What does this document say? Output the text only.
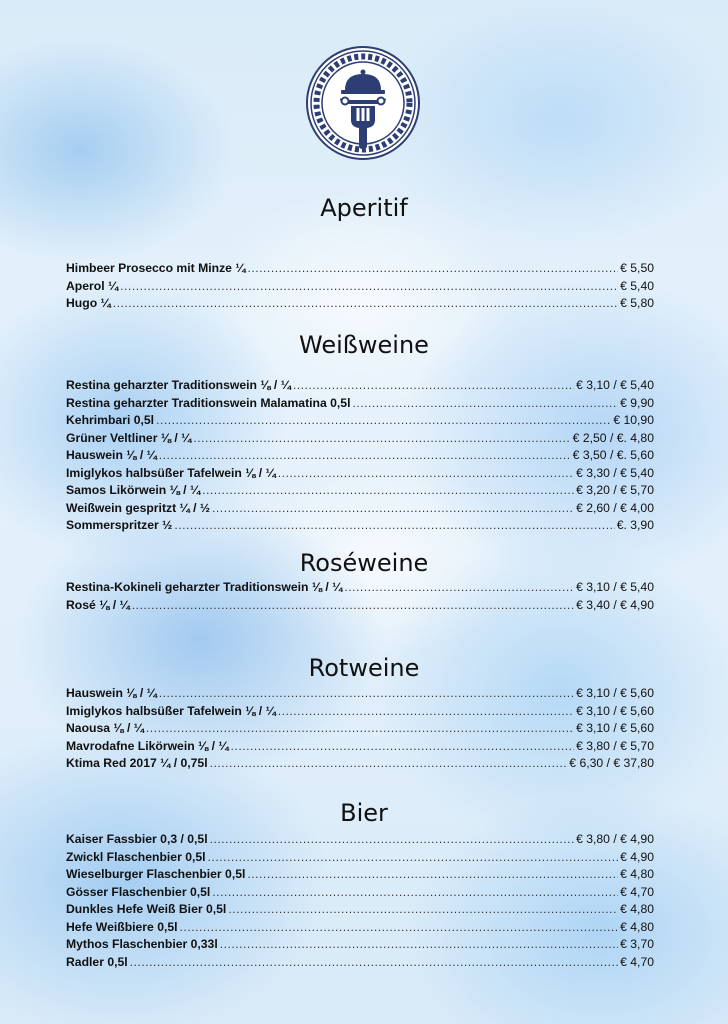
Aperitif
Himbeer Prosecco mit Minze ¼ .....	€ 5,50
Aperol ¼ .....	€ 5,40
Hugo ¼ .....	€ 5,80
Weißweine
Restina geharzter Traditionswein ⅛ / ¼ .....	€ 3,10 / € 5,40
Restina geharzter Traditionswein Malamatina 0,5l .....	€ 9,90
Kehrimbari 0,5l .....	€ 10,90
Grüner Veltliner ⅛ / ¼ .....	€ 2,50 / €. 4,80
Hauswein ⅛ / ¼ .....	€ 3,50 / €. 5,60
Imiglykos halbsüßer Tafelwein ⅛ / ¼ .....	€ 3,30 / € 5,40
Samos Likörwein ⅛ / ¼ .....	€ 3,20 / € 5,70
Weißwein gespritzt ¼ / ½ .....	€ 2,60 / € 4,00
Sommerspritzer ½ .....	€. 3,90
Roséweine
Restina-Kokineli geharzter Traditionswein ⅛ / ¼ .....	€ 3,10 / € 5,40
Rosé ⅛ / ¼ .....	€ 3,40 / € 4,90
Rotweine
Hauswein ⅛ / ¼ .....	€ 3,10 / € 5,60
Imiglykos halbsüßer Tafelwein ⅛ / ¼ .....	€ 3,10 / € 5,60
Naousa ⅛ / ¼ .....	€ 3,10 / € 5,60
Mavrodafne Likörwein ⅛ / ¼ .....	€ 3,80 / € 5,70
Ktima Red 2017 ¼ / 0,75l .....	€ 6,30 / € 37,80
Bier
Kaiser Fassbier 0,3 / 0,5l .....	€ 3,80 / € 4,90
Zwickl Flaschenbier 0,5l .....	€ 4,90
Wieselburger Flaschenbier 0,5l .....	€ 4,80
Gösser Flaschenbier 0,5l .....	€ 4,70
Dunkles Hefe Weiß Bier 0,5l .....	€ 4,80
Hefe Weißbiere 0,5l .....	€ 4,80
Mythos Flaschenbier 0,33l .....	€ 3,70
Radler 0,5l .....	€ 4,70
